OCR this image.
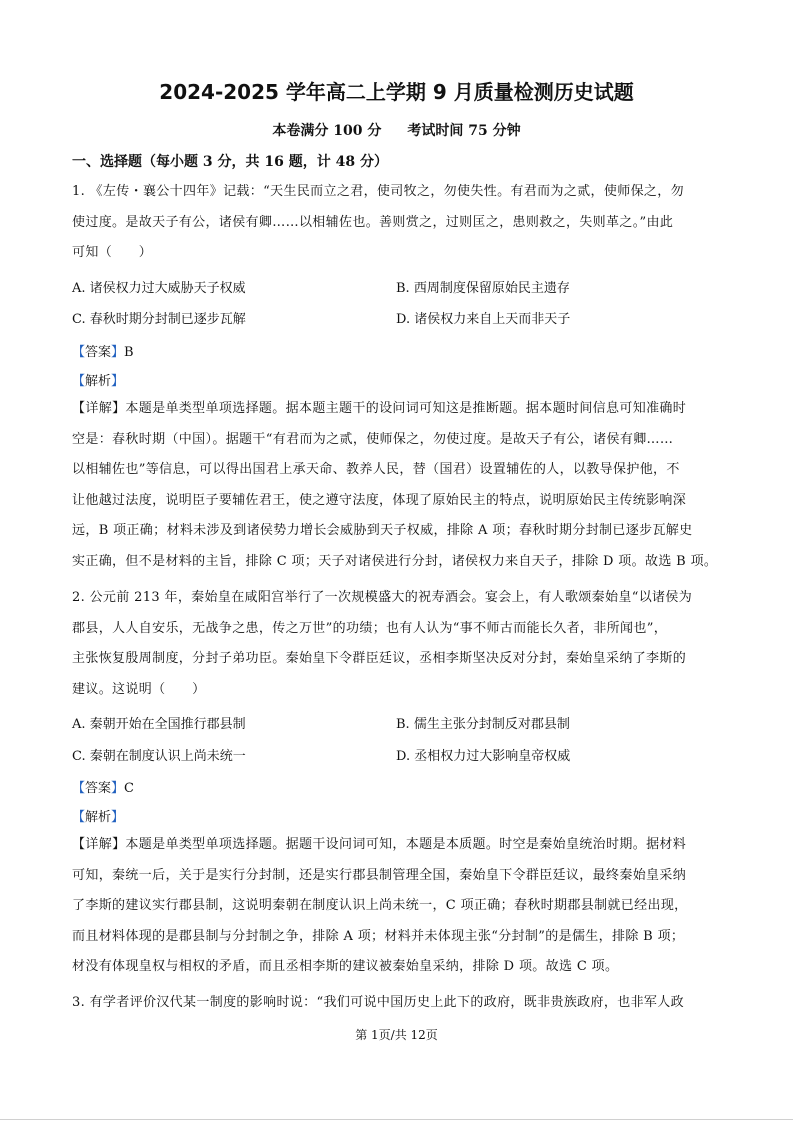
2024-2025 学年高二上学期 9 月质量检测历史试题
本卷满分 100 分 考试时间 75 分钟
一、选择题（每小题 3 分，共 16 题，计 48 分）
1. 《左传・襄公十四年》记载：“天生民而立之君，使司牧之，勿使失性。有君而为之贰，使师保之，勿
使过度。是故天子有公，诸侯有卿……以相辅佐也。善则赏之，过则匡之，患则救之，失则革之。”由此
可知（　　）
A. 诸侯权力过大威胁天子权威	B. 西周制度保留原始民主遗存
C. 春秋时期分封制已逐步瓦解	D. 诸侯权力来自上天而非天子
【答案】B
【解析】
【详解】本题是单类型单项选择题。据本题主题干的设问词可知这是推断题。据本题时间信息可知准确时
空是：春秋时期（中国）。据题干“有君而为之贰，使师保之，勿使过度。是故天子有公，诸侯有卿……
以相辅佐也”等信息，可以得出国君上承天命、教养人民，替（国君）设置辅佐的人，以教导保护他，不
让他越过法度，说明臣子要辅佐君王，使之遵守法度，体现了原始民主的特点，说明原始民主传统影响深
远，B 项正确；材料未涉及到诸侯势力增长会威胁到天子权威，排除 A 项；春秋时期分封制已逐步瓦解史
实正确，但不是材料的主旨，排除 C 项；天子对诸侯进行分封，诸侯权力来自天子，排除 D 项。故选 B 项。
2. 公元前 213 年，秦始皇在咸阳宫举行了一次规模盛大的祝寿酒会。宴会上，有人歌颂秦始皇“以诸侯为
郡县，人人自安乐，无战争之患，传之万世”的功绩；也有人认为“事不师古而能长久者，非所闻也”，
主张恢复殷周制度，分封子弟功臣。秦始皇下令群臣廷议，丞相李斯坚决反对分封，秦始皇采纳了李斯的
建议。这说明（　　）
A. 秦朝开始在全国推行郡县制	B. 儒生主张分封制反对郡县制
C. 秦朝在制度认识上尚未统一	D. 丞相权力过大影响皇帝权威
【答案】C
【解析】
【详解】本题是单类型单项选择题。据题干设问词可知，本题是本质题。时空是秦始皇统治时期。据材料
可知，秦统一后，关于是实行分封制，还是实行郡县制管理全国，秦始皇下令群臣廷议，最终秦始皇采纳
了李斯的建议实行郡县制，这说明秦朝在制度认识上尚未统一，C 项正确；春秋时期郡县制就已经出现，
而且材料体现的是郡县制与分封制之争，排除 A 项；材料并未体现主张“分封制”的是儒生，排除 B 项；
材没有体现皇权与相权的矛盾，而且丞相李斯的建议被秦始皇采纳，排除 D 项。故选 C 项。
3. 有学者评价汉代某一制度的影响时说：“我们可说中国历史上此下的政府，既非贵族政府，也非军人政
第 1页/共 12页
